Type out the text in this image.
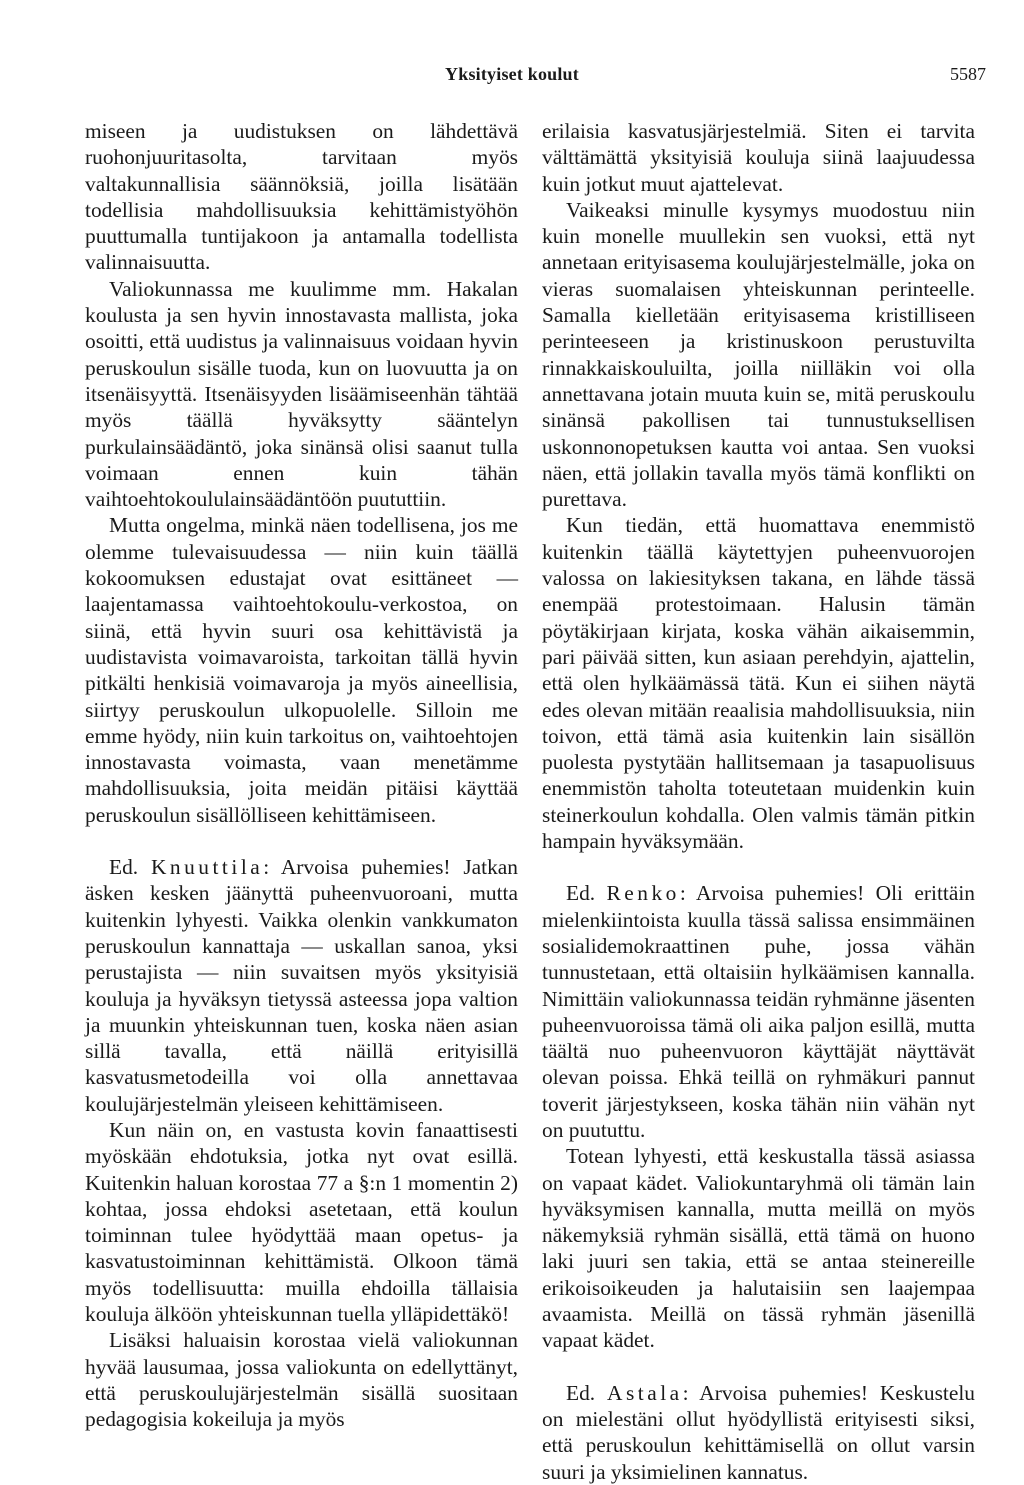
Yksityiset koulut	5587

miseen ja uudistuksen on lähdettävä ruohonjuuritasolta, tarvitaan myös valtakunnallisia säännöksiä, joilla lisätään todellisia mahdollisuuksia kehittämistyöhön puuttumalla tuntijakoon ja antamalla todellista valinnaisuutta.

Valiokunnassa me kuulimme mm. Hakalan koulusta ja sen hyvin innostavasta mallista, joka osoitti, että uudistus ja valinnaisuus voidaan hyvin peruskoulun sisälle tuoda, kun on luovuutta ja on itsenäisyyttä. Itsenäisyyden lisäämiseenhän tähtää myös täällä hyväksytty sääntelyn purkulainsäädäntö, joka sinänsä olisi saanut tulla voimaan ennen kuin tähän vaihtoehtokoululainsäädäntöön puututtiin.

Mutta ongelma, minkä näen todellisena, jos me olemme tulevaisuudessa — niin kuin täällä kokoomuksen edustajat ovat esittäneet — laajentamassa vaihtoehtokoulu-verkostoa, on siinä, että hyvin suuri osa kehittävistä ja uudistavista voimavaroista, tarkoitan tällä hyvin pitkälti henkisiä voimavaroja ja myös aineellisia, siirtyy peruskoulun ulkopuolelle. Silloin me emme hyödy, niin kuin tarkoitus on, vaihtoehtojen innostavasta voimasta, vaan menetämme mahdollisuuksia, joita meidän pitäisi käyttää peruskoulun sisällölliseen kehittämiseen.

Ed. Knuuttila: Arvoisa puhemies! Jatkan äsken kesken jäänyttä puheenvuoroani, mutta kuitenkin lyhyesti. Vaikka olenkin vankkumaton peruskoulun kannattaja — uskallan sanoa, yksi perustajista — niin suvaitsen myös yksityisiä kouluja ja hyväksyn tietyssä asteessa jopa valtion ja muunkin yhteiskunnan tuen, koska näen asian sillä tavalla, että näillä erityisillä kasvatusmetodeilla voi olla annettavaa koulujärjestelmän yleiseen kehittämiseen.

Kun näin on, en vastusta kovin fanaattisesti myöskään ehdotuksia, jotka nyt ovat esillä. Kuitenkin haluan korostaa 77 a §:n 1 momentin 2) kohtaa, jossa ehdoksi asetetaan, että koulun toiminnan tulee hyödyttää maan opetus- ja kasvatustoiminnan kehittämistä. Olkoon tämä myös todellisuutta: muilla ehdoilla tällaisia kouluja älköön yhteiskunnan tuella ylläpidettäkö!

Lisäksi haluaisin korostaa vielä valiokunnan hyvää lausumaa, jossa valiokunta on edellyttänyt, että peruskoulujärjestelmän sisällä suositaan pedagogisia kokeiluja ja myös

erilaisia kasvatusjärjestelmiä. Siten ei tarvita välttämättä yksityisiä kouluja siinä laajuudessa kuin jotkut muut ajattelevat.

Vaikeaksi minulle kysymys muodostuu niin kuin monelle muullekin sen vuoksi, että nyt annetaan erityisasema koulujärjestelmälle, joka on vieras suomalaisen yhteiskunnan perinteelle. Samalla kielletään erityisasema kristilliseen perinteeseen ja kristinuskoon perustuvilta rinnakkaiskouluilta, joilla niilläkin voi olla annettavana jotain muuta kuin se, mitä peruskoulu sinänsä pakollisen tai tunnustuksellisen uskonnonopetuksen kautta voi antaa. Sen vuoksi näen, että jollakin tavalla myös tämä konflikti on purettava.

Kun tiedän, että huomattava enemmistö kuitenkin täällä käytettyjen puheenvuorojen valossa on lakiesityksen takana, en lähde tässä enempää protestoimaan. Halusin tämän pöytäkirjaan kirjata, koska vähän aikaisemmin, pari päivää sitten, kun asiaan perehdyin, ajattelin, että olen hylkäämässä tätä. Kun ei siihen näytä edes olevan mitään reaalisia mahdollisuuksia, niin toivon, että tämä asia kuitenkin lain sisällön puolesta pystytään hallitsemaan ja tasapuolisuus enemmistön taholta toteutetaan muidenkin kuin steinerkoulun kohdalla. Olen valmis tämän pitkin hampain hyväksymään.

Ed. Renko: Arvoisa puhemies! Oli erittäin mielenkiintoista kuulla tässä salissa ensimmäinen sosialidemokraattinen puhe, jossa vähän tunnustetaan, että oltaisiin hylkäämisen kannalla. Nimittäin valiokunnassa teidän ryhmänne jäsenten puheenvuoroissa tämä oli aika paljon esillä, mutta täältä nuo puheenvuoron käyttäjät näyttävät olevan poissa. Ehkä teillä on ryhmäkuri pannut toverit järjestykseen, koska tähän niin vähän nyt on puututtu.

Totean lyhyesti, että keskustalla tässä asiassa on vapaat kädet. Valiokuntaryhmä oli tämän lain hyväksymisen kannalla, mutta meillä on myös näkemyksiä ryhmän sisällä, että tämä on huono laki juuri sen takia, että se antaa steinereille erikoisoikeuden ja halutaisiin sen laajempaa avaamista. Meillä on tässä ryhmän jäsenillä vapaat kädet.

Ed. Astala: Arvoisa puhemies! Keskustelu on mielestäni ollut hyödyllistä erityisesti siksi, että peruskoulun kehittämisellä on ollut varsin suuri ja yksimielinen kannatus.
